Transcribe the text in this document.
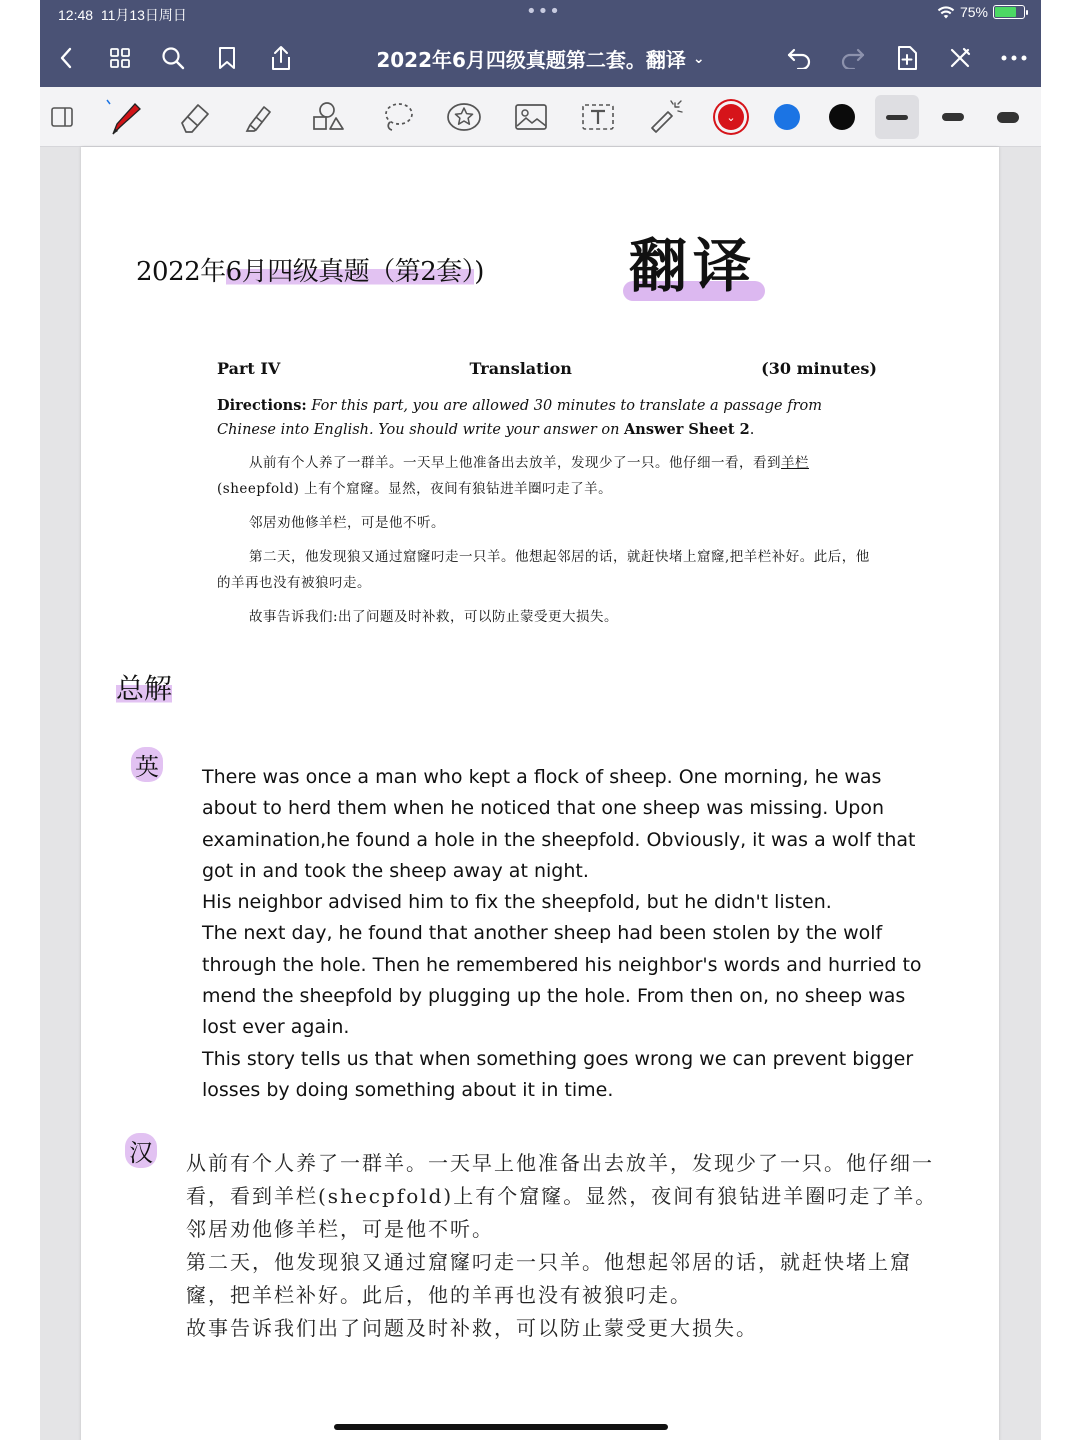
12:48 11月13日周日	•••	75%
2022年6月四级真题第二套。翻译 ⌄
⌄
2022年6月四级真题（第2套）)	翻译
Part IV	Translation	(30 minutes)
Directions: For this part, you are allowed 30 minutes to translate a passage from Chinese into English. You should write your answer on Answer Sheet 2.

从前有个人养了一群羊。一天早上他准备出去放羊，发现少了一只。他仔细一看，看到羊栏 (sheepfold) 上有个窟窿。显然，夜间有狼钻进羊圈叼走了羊。

邻居劝他修羊栏，可是他不听。

第二天，他发现狼又通过窟窿叼走一只羊。他想起邻居的话，就赶快堵上窟窿,把羊栏补好。此后，他的羊再也没有被狼叼走。

故事告诉我们:出了问题及时补救，可以防止蒙受更大损失。

总解
英 There was once a man who kept a flock of sheep. One morning, he was about to herd them when he noticed that one sheep was missing. Upon examination,he found a hole in the sheepfold. Obviously, it was a wolf that got in and took the sheep away at night.
His neighbor advised him to fix the sheepfold, but he didn't listen.
The next day, he found that another sheep had been stolen by the wolf through the hole. Then he remembered his neighbor's words and hurried to mend the sheepfold by plugging up the hole. From then on, no sheep was lost ever again.
This story tells us that when something goes wrong we can prevent bigger losses by doing something about it in time.
汉 从前有个人养了一群羊。一天早上他准备出去放羊，发现少了一只。他仔细一看，看到羊栏(shecpfold)上有个窟窿。显然，夜间有狼钻进羊圈叼走了羊。
邻居劝他修羊栏，可是他不听。
第二天，他发现狼又通过窟窿叼走一只羊。他想起邻居的话，就赶快堵上窟窿，把羊栏补好。此后，他的羊再也没有被狼叼走。
故事告诉我们出了问题及时补救，可以防止蒙受更大损失。
